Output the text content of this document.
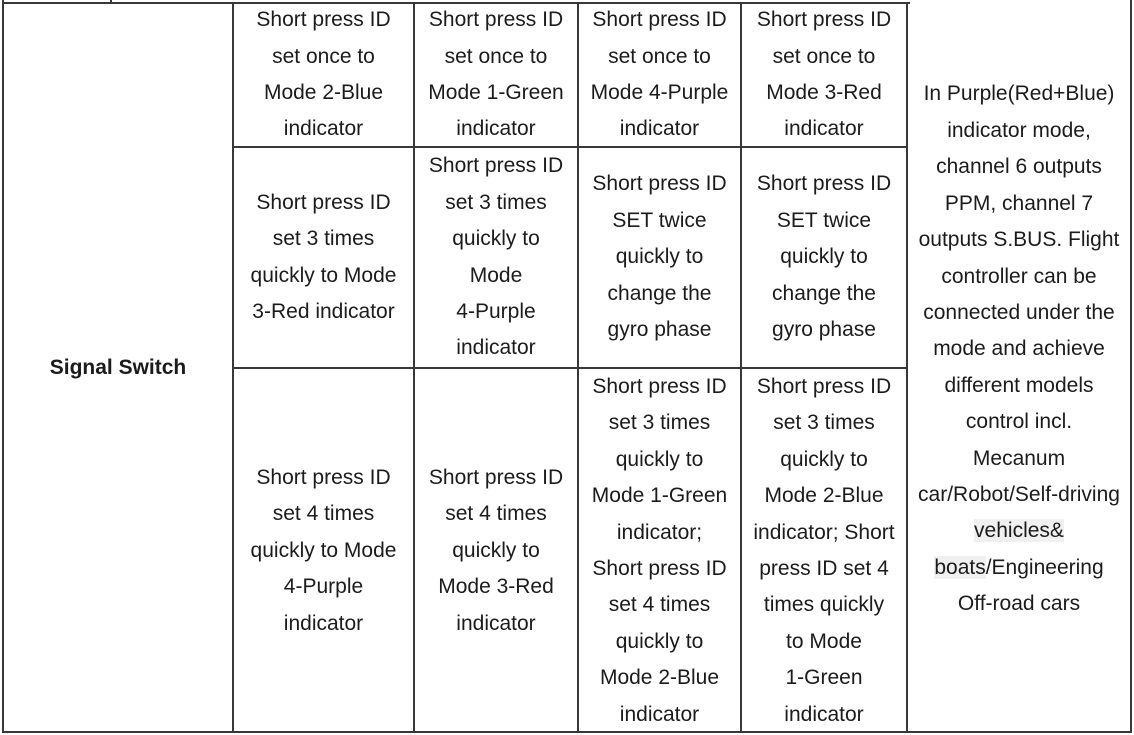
Signal Switch
In Purple(Red+Blue)
indicator mode,
channel 6 outputs
PPM, channel 7
outputs S.BUS. Flight
controller can be
connected under the
mode and achieve
different models
control incl.
Mecanum
car/Robot/Self-driving
vehicles&
boats/Engineering
Off-road cars
Short press ID
set once to
Mode 2-Blue
indicator
Short press ID
set once to
Mode 1-Green
indicator
Short press ID
set once to
Mode 4-Purple
indicator
Short press ID
set once to
Mode 3-Red
indicator
Short press ID
set 3 times
quickly to Mode
3-Red indicator
Short press ID
set 3 times
quickly to
Mode
4-Purple
indicator
Short press ID
SET twice
quickly to
change the
gyro phase
Short press ID
SET twice
quickly to
change the
gyro phase
Short press ID
set 4 times
quickly to Mode
4-Purple
indicator
Short press ID
set 4 times
quickly to
Mode 3-Red
indicator
Short press ID
set 3 times
quickly to
Mode 1-Green
indicator;
Short press ID
set 4 times
quickly to
Mode 2-Blue
indicator
Short press ID
set 3 times
quickly to
Mode 2-Blue
indicator; Short
press ID set 4
times quickly
to Mode
1-Green
indicator
